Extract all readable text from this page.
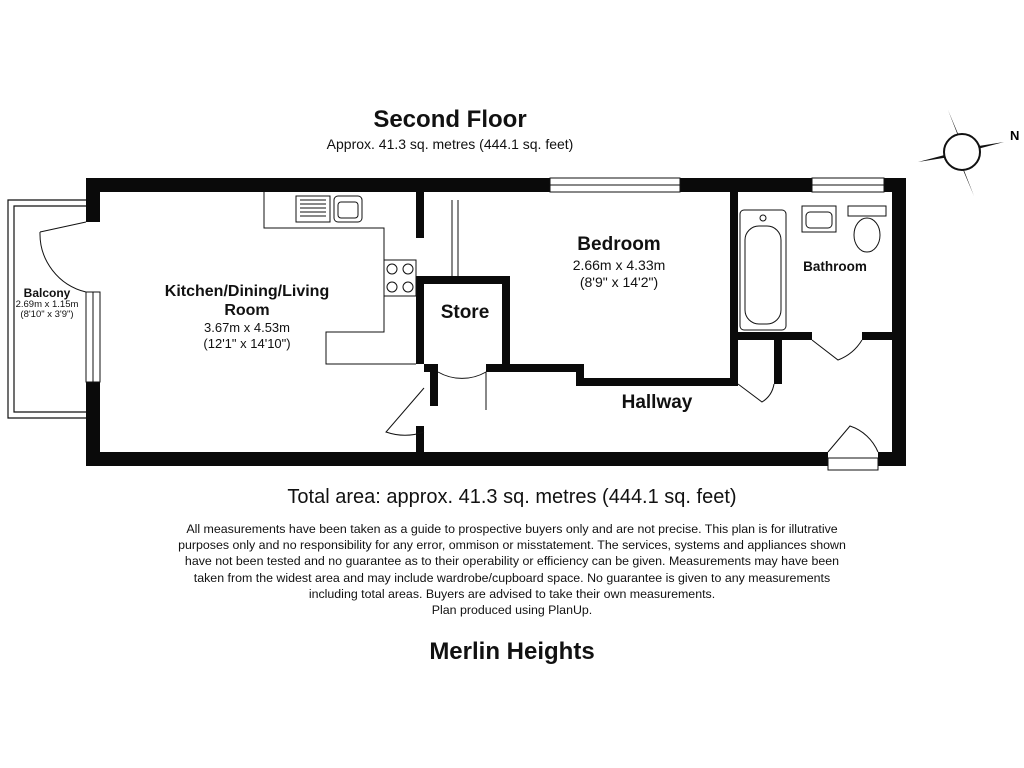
Second Floor
Approx. 41.3 sq. metres (444.1 sq. feet)
N
Kitchen/Dining/Living
Room
3.67m x 4.53m
(12'1" x 14'10")
Bedroom
2.66m x 4.33m
(8'9" x 14'2")
Store
Bathroom
Hallway
Balcony
2.69m x 1.15m
(8'10" x 3'9")
Total area: approx. 41.3 sq. metres (444.1 sq. feet)

All measurements have been taken as a guide to prospective buyers only and are not precise. This plan is for illutrative purposes only and no responsibility for any error, ommison or misstatement. The services, systems and appliances shown have not been tested and no guarantee as to their operability or efficiency can be given. Measurements may have been taken from the widest area and may include wardrobe/cupboard space. No guarantee is given to any measurements including total areas. Buyers are advised to take their own measurements.

Plan produced using PlanUp.

Merlin Heights
